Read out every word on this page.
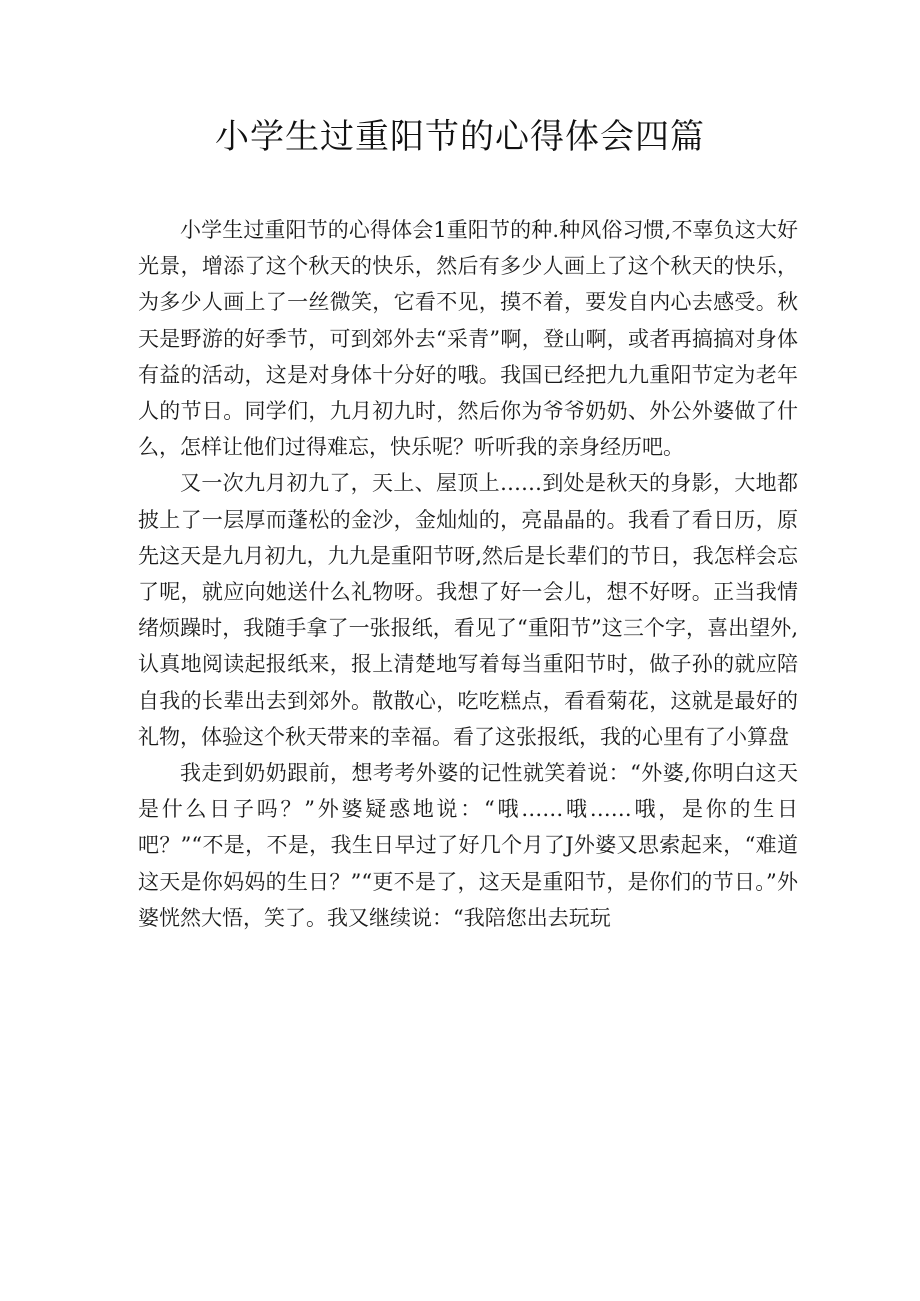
小学生过重阳节的心得体会四篇

小学生过重阳节的心得体会1重阳节的种.种风俗习惯,不辜负这大好光景，增添了这个秋天的快乐，然后有多少人画上了这个秋天的快乐，为多少人画上了一丝微笑，它看不见，摸不着，要发自内心去感受。秋天是野游的好季节，可到郊外去“采青”啊，登山啊，或者再搞搞对身体有益的活动，这是对身体十分好的哦。我国已经把九九重阳节定为老年人的节日。同学们，九月初九时，然后你为爷爷奶奶、外公外婆做了什么，怎样让他们过得难忘，快乐呢？听听我的亲身经历吧。

又一次九月初九了，天上、屋顶上……到处是秋天的身影，大地都披上了一层厚而蓬松的金沙，金灿灿的，亮晶晶的。我看了看日历，原先这天是九月初九，九九是重阳节呀,然后是长辈们的节日，我怎样会忘了呢，就应向她送什么礼物呀。我想了好一会儿，想不好呀。正当我情绪烦躁时，我随手拿了一张报纸，看见了“重阳节”这三个字，喜出望外,认真地阅读起报纸来，报上清楚地写着每当重阳节时，做子孙的就应陪自我的长辈出去到郊外。散散心，吃吃糕点，看看菊花，这就是最好的礼物，体验这个秋天带来的幸福。看了这张报纸，我的心里有了小算盘

我走到奶奶跟前，想考考外婆的记性就笑着说：“外婆,你明白这天是什么日子吗？”外婆疑惑地说：“哦……哦……哦，是你的生日吧？”“不是，不是，我生日早过了好几个月了J外婆又思索起来，“难道这天是你妈妈的生日？”“更不是了，这天是重阳节，是你们的节日。”外婆恍然大悟，笑了。我又继续说：“我陪您出去玩玩
